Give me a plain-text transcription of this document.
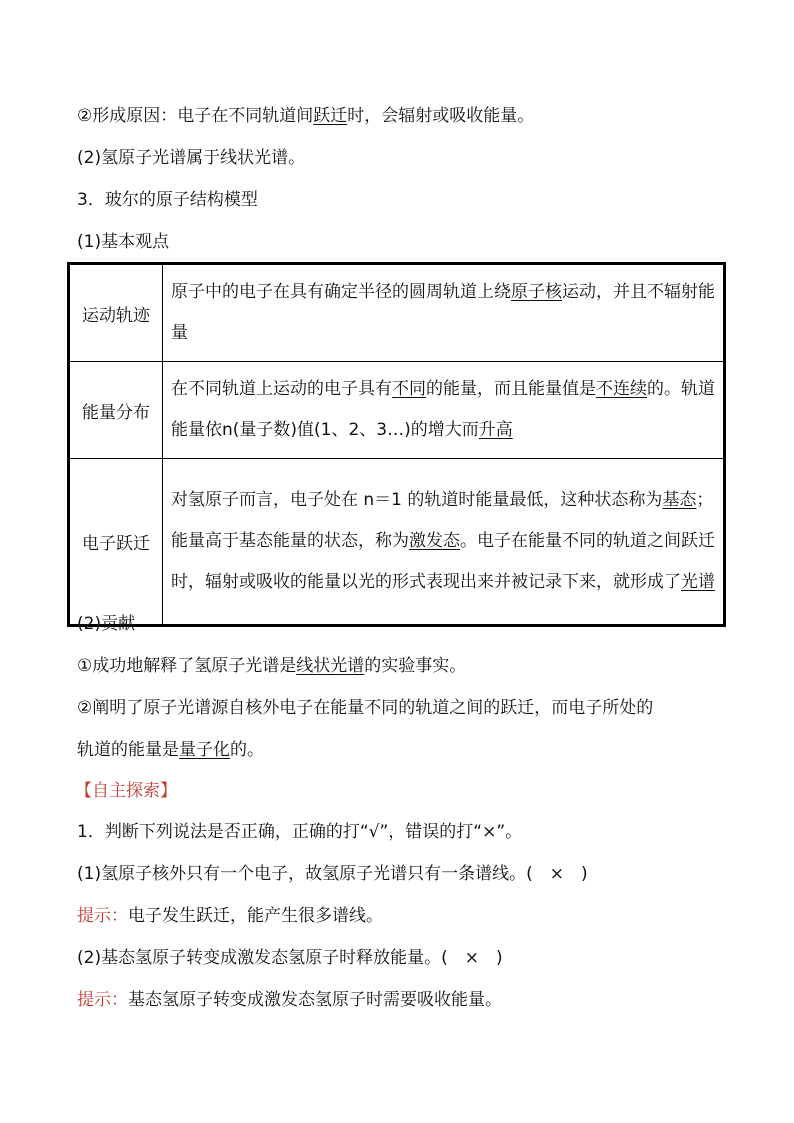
②形成原因：电子在不同轨道间跃迁时，会辐射或吸收能量。
(2)氢原子光谱属于线状光谱。
3．玻尔的原子结构模型
(1)基本观点
运动轨迹	原子中的电子在具有确定半径的圆周轨道上绕原子核运动，并且不辐射能量
能量分布	在不同轨道上运动的电子具有不同的能量，而且能量值是不连续的。轨道能量依n(量子数)值(1、2、3…)的增大而升高
电子跃迁	对氢原子而言，电子处在 n＝1 的轨道时能量最低，这种状态称为基态；能量高于基态能量的状态，称为激发态。电子在能量不同的轨道之间跃迁时，辐射或吸收的能量以光的形式表现出来并被记录下来，就形成了光谱
(2)贡献
①成功地解释了氢原子光谱是线状光谱的实验事实。
②阐明了原子光谱源自核外电子在能量不同的轨道之间的跃迁，而电子所处的
轨道的能量是量子化的。
【自主探索】
1．判断下列说法是否正确，正确的打“√”，错误的打“×”。
(1)氢原子核外只有一个电子，故氢原子光谱只有一条谱线。(　×　)
提示：电子发生跃迁，能产生很多谱线。
(2)基态氢原子转变成激发态氢原子时释放能量。(　×　)
提示：基态氢原子转变成激发态氢原子时需要吸收能量。
